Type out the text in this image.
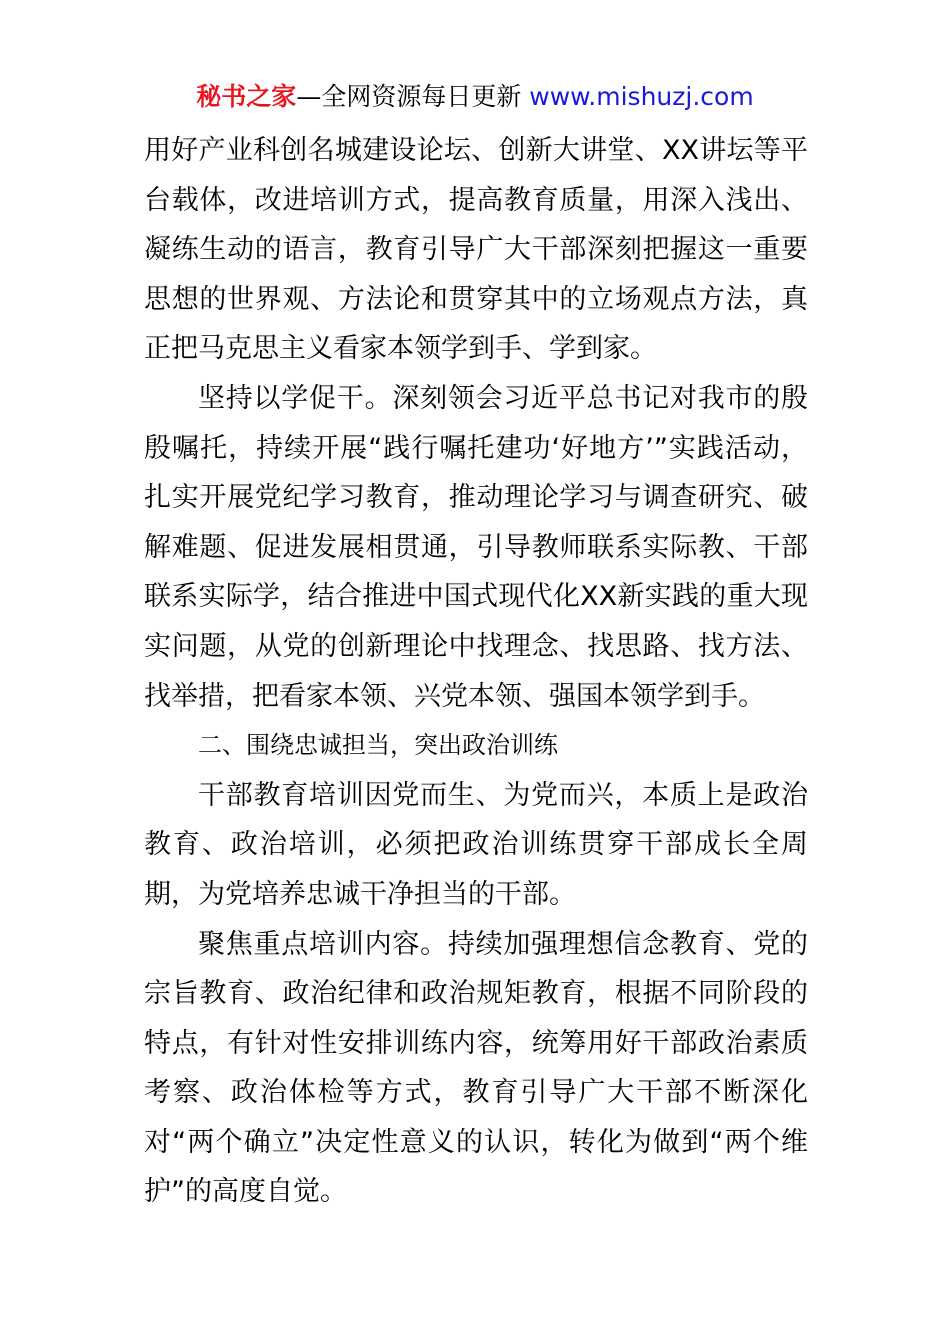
秘书之家—全网资源每日更新 www.mishuzj.com

用好产业科创名城建设论坛、创新大讲堂、XX讲坛等平台载体，改进培训方式，提高教育质量，用深入浅出、凝练生动的语言，教育引导广大干部深刻把握这一重要思想的世界观、方法论和贯穿其中的立场观点方法，真正把马克思主义看家本领学到手、学到家。

坚持以学促干。深刻领会习近平总书记对我市的殷殷嘱托，持续开展“践行嘱托建功‘好地方’”实践活动，扎实开展党纪学习教育，推动理论学习与调查研究、破解难题、促进发展相贯通，引导教师联系实际教、干部联系实际学，结合推进中国式现代化XX新实践的重大现实问题，从党的创新理论中找理念、找思路、找方法、找举措，把看家本领、兴党本领、强国本领学到手。

二、围绕忠诚担当，突出政治训练

干部教育培训因党而生、为党而兴，本质上是政治教育、政治培训，必须把政治训练贯穿干部成长全周期，为党培养忠诚干净担当的干部。

聚焦重点培训内容。持续加强理想信念教育、党的宗旨教育、政治纪律和政治规矩教育，根据不同阶段的特点，有针对性安排训练内容，统筹用好干部政治素质考察、政治体检等方式，教育引导广大干部不断深化对“两个确立”决定性意义的认识，转化为做到“两个维护”的高度自觉。
